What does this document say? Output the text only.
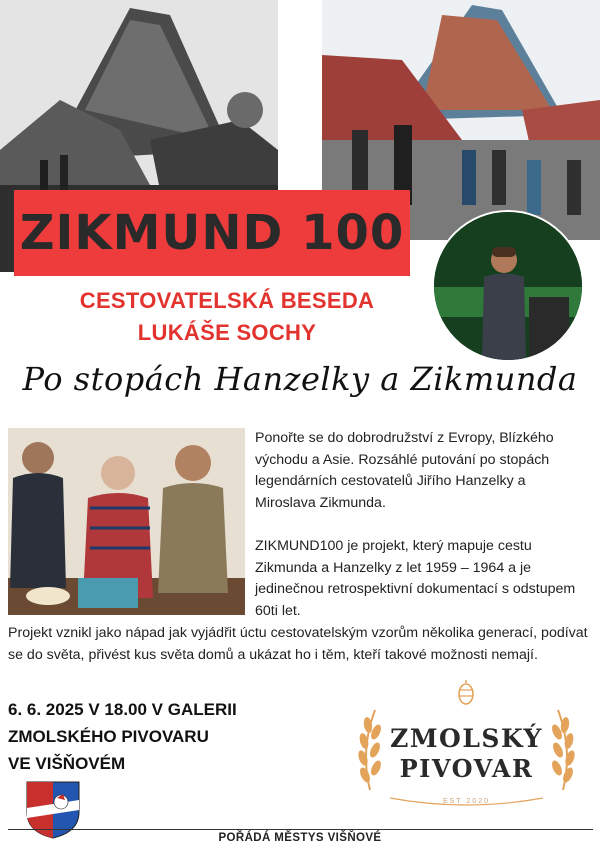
ZIKMUND 100
CESTOVATELSKÁ BESEDA
LUKÁŠE SOCHY
Po stopách Hanzelky a Zikmunda
Ponořte se do dobrodružství z Evropy, Blízkého východu a Asie. Rozsáhlé putování po stopách legendárních cestovatelů Jiřího Hanzelky a Miroslava Zikmunda.
ZIKMUND100 je projekt, který mapuje cestu Zikmunda a Hanzelky z let 1959 – 1964 a je jedinečnou retrospektivní dokumentací s odstupem 60ti let.
Projekt vznikl jako nápad jak vyjádřit úctu cestovatelským vzorům několika generací, podívat se do světa, přivést kus světa domů a ukázat ho i těm, kteří takové možnosti nemají.
6. 6. 2025 V 18.00 V GALERII
ZMOLSKÉHO PIVOVARU
VE VIŠŇOVÉM
ZMOLSKÝ
PIVOVAR
EST 2020
POŘÁDÁ MĚSTYS VIŠŇOVÉ
